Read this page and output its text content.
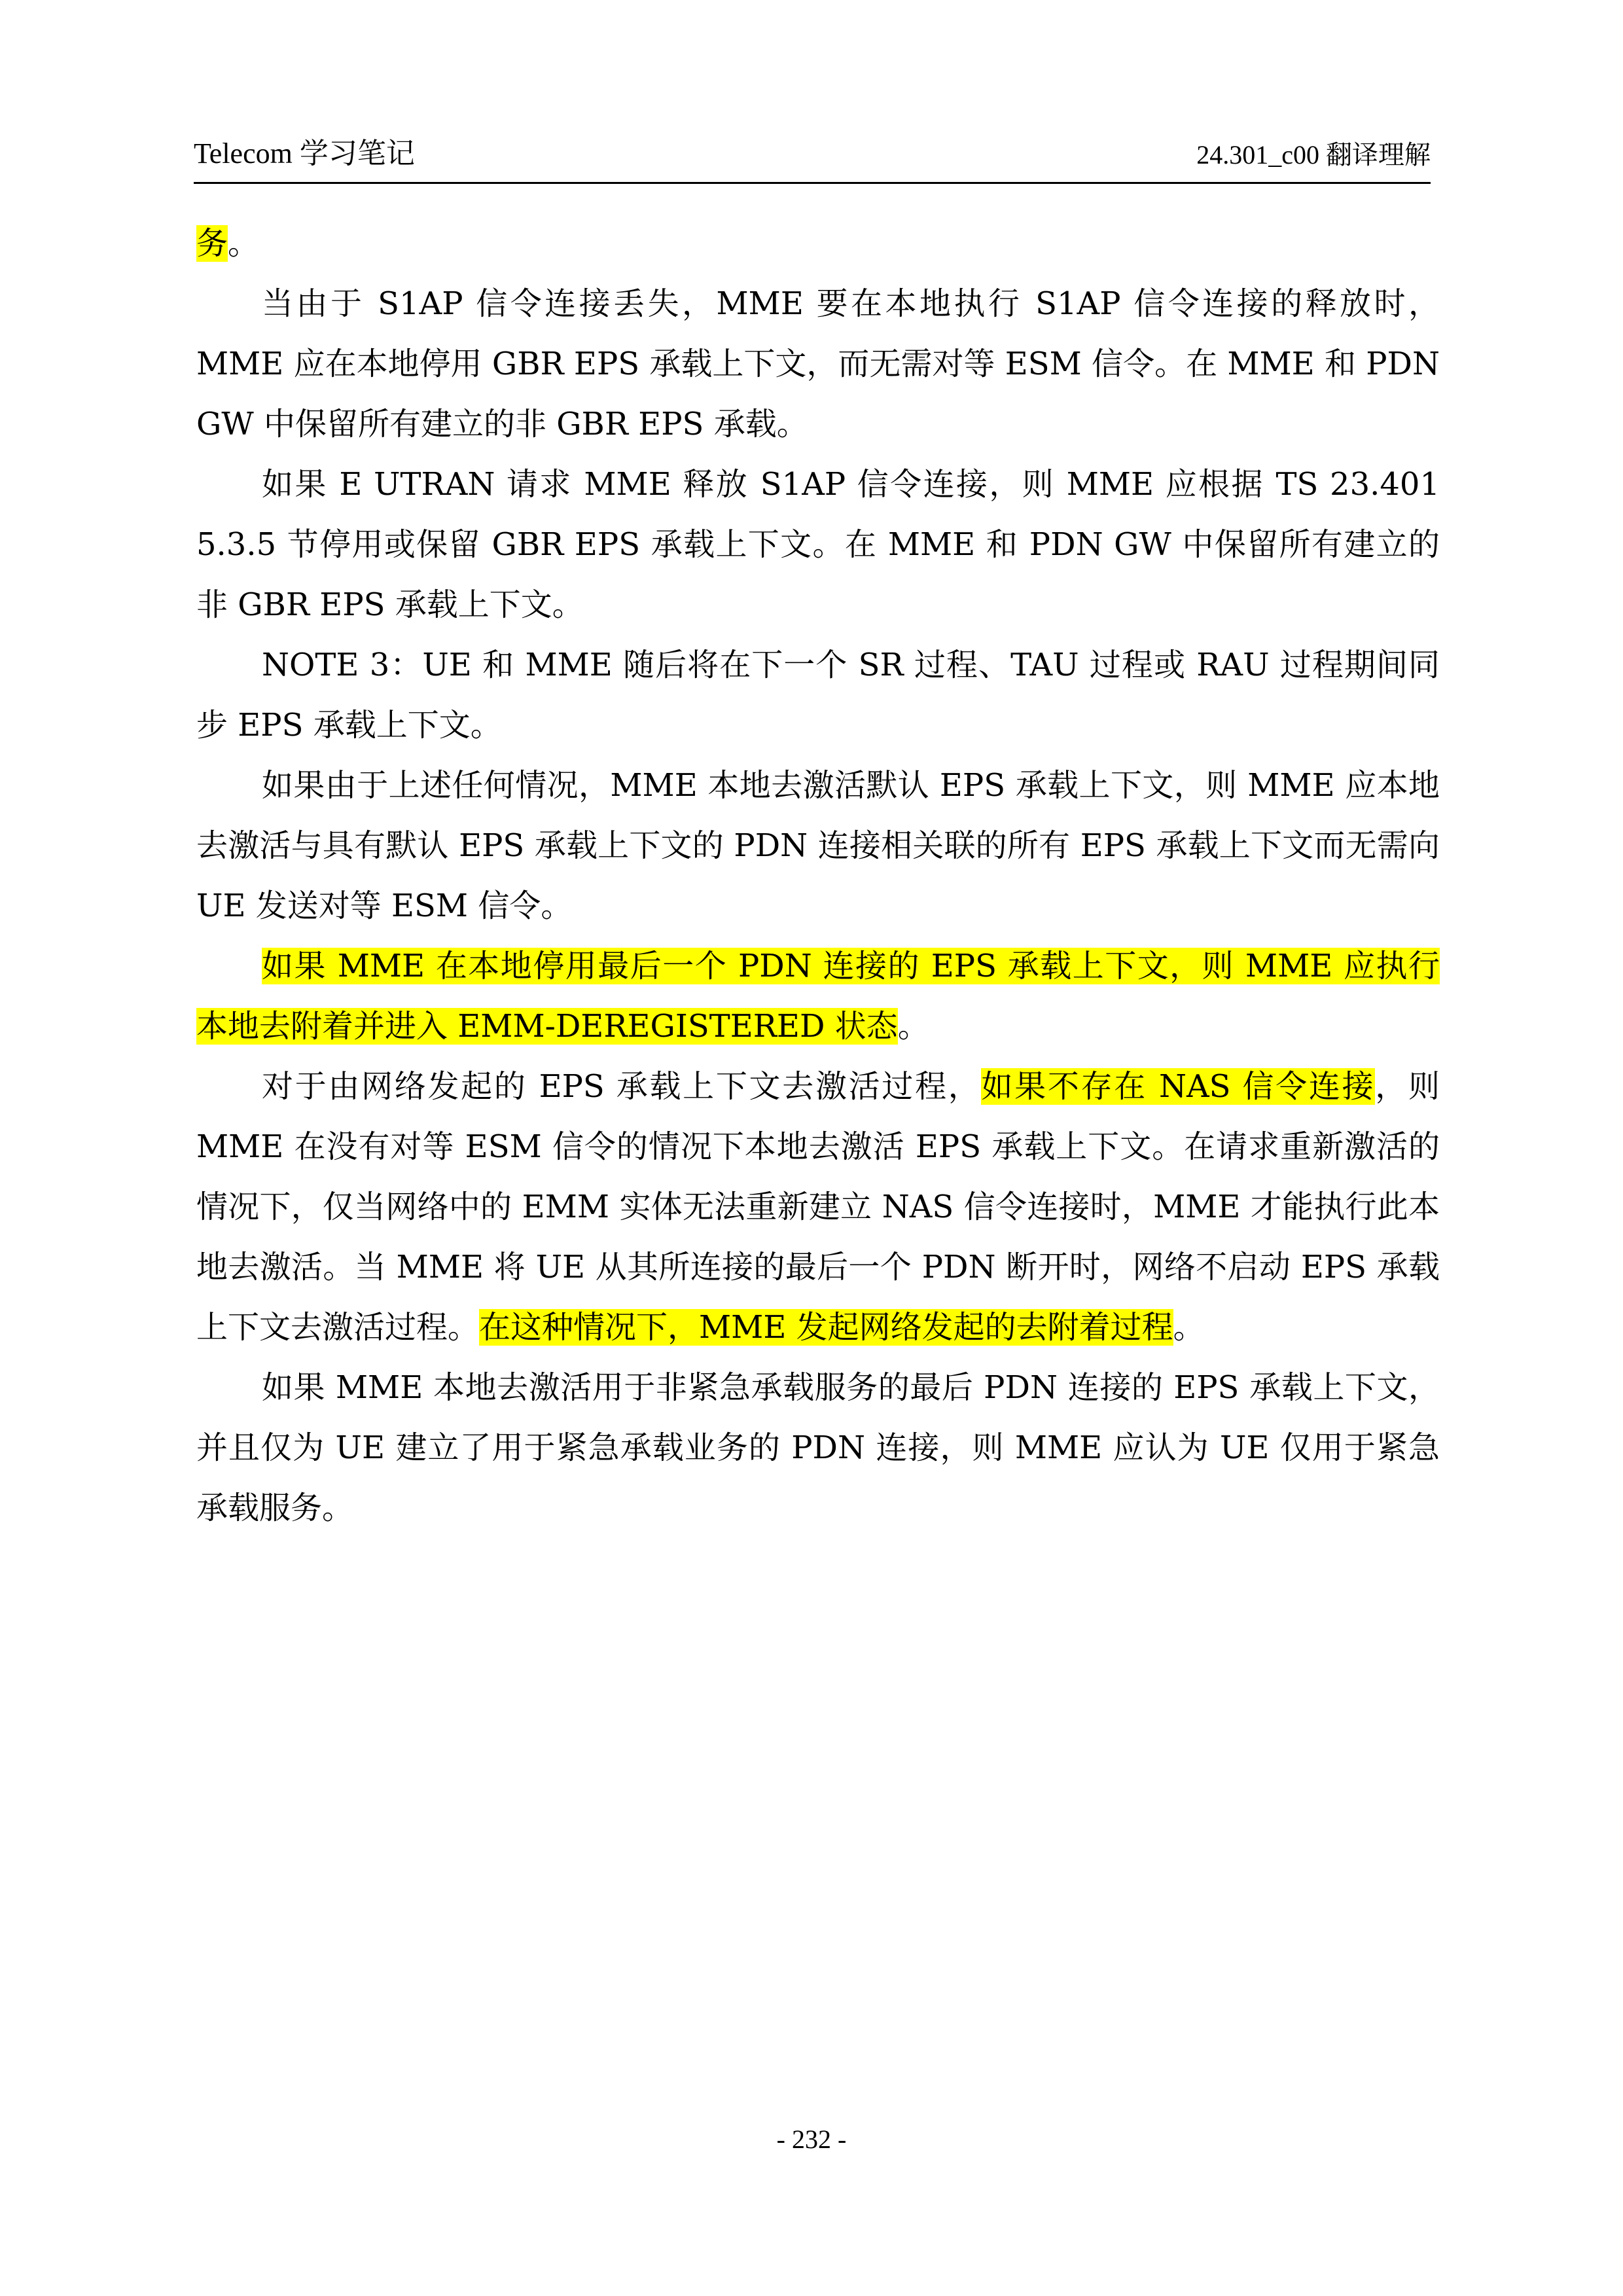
Telecom 学习笔记	24.301_c00 翻译理解

务。

当由于 S1AP 信令连接丢失，MME 要在本地执行 S1AP 信令连接的释放时，MME 应在本地停用 GBR EPS 承载上下文，而无需对等 ESM 信令。在 MME 和 PDN GW 中保留所有建立的非 GBR EPS 承载。

如果 E UTRAN 请求 MME 释放 S1AP 信令连接，则 MME 应根据 TS 23.401 5.3.5 节停用或保留 GBR EPS 承载上下文。在 MME 和 PDN GW 中保留所有建立的非 GBR EPS 承载上下文。

NOTE 3：UE 和 MME 随后将在下一个 SR 过程、TAU 过程或 RAU 过程期间同步 EPS 承载上下文。

如果由于上述任何情况，MME 本地去激活默认 EPS 承载上下文，则 MME 应本地去激活与具有默认 EPS 承载上下文的 PDN 连接相关联的所有 EPS 承载上下文而无需向 UE 发送对等 ESM 信令。

如果 MME 在本地停用最后一个 PDN 连接的 EPS 承载上下文，则 MME 应执行本地去附着并进入 EMM-DEREGISTERED 状态。

对于由网络发起的 EPS 承载上下文去激活过程，如果不存在 NAS 信令连接，则 MME 在没有对等 ESM 信令的情况下本地去激活 EPS 承载上下文。在请求重新激活的情况下，仅当网络中的 EMM 实体无法重新建立 NAS 信令连接时，MME 才能执行此本地去激活。当 MME 将 UE 从其所连接的最后一个 PDN 断开时，网络不启动 EPS 承载上下文去激活过程。在这种情况下，MME 发起网络发起的去附着过程。

如果 MME 本地去激活用于非紧急承载服务的最后 PDN 连接的 EPS 承载上下文，并且仅为 UE 建立了用于紧急承载业务的 PDN 连接，则 MME 应认为 UE 仅用于紧急承载服务。

- 232 -
